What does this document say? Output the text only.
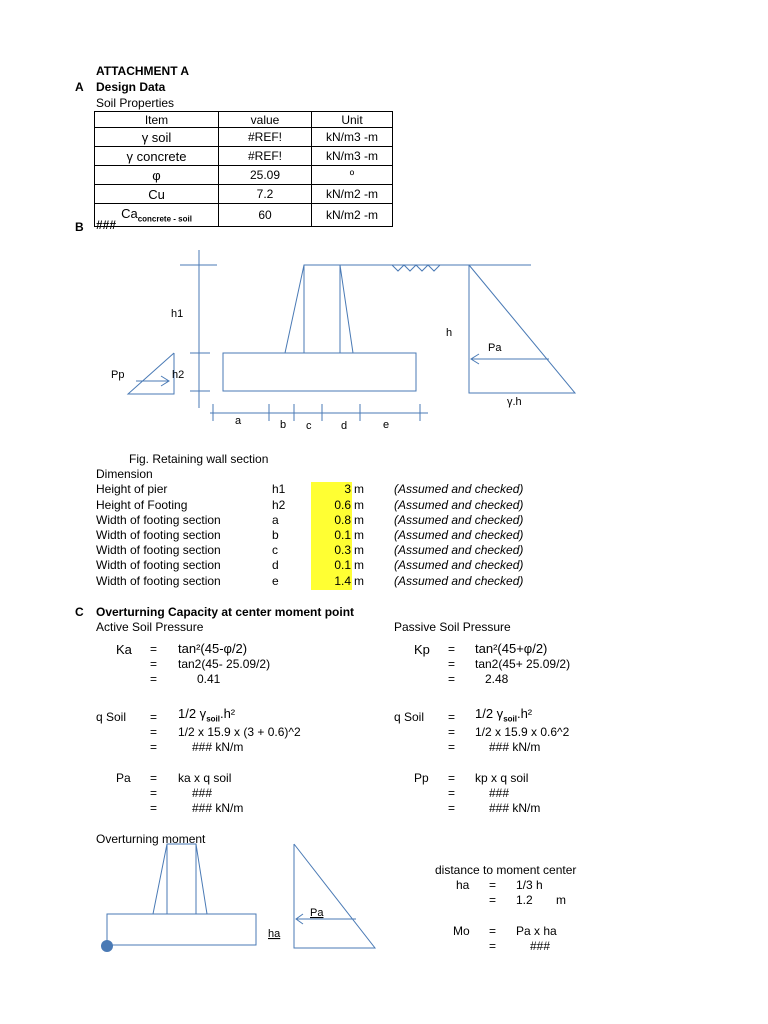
ATTACHMENT A
A Design Data
Soil Properties
Item	value	Unit
γ soil	#REF!	kN/m3 -m
γ concrete	#REF!	kN/m3 -m
φ	25.09	º
Cu	7.2	kN/m2 -m
$Ca_{concrete - soil}$	60	kN/m2 -m
B ###
h1
h2
Pp
h
Pa
γ.h
a	b c	d	e
Fig. Retaining wall section
Dimension
Height of pier	h1	3 m	(Assumed and checked)
Height of Footing	h2	0.6 m	(Assumed and checked)
Width of footing section	a	0.8 m	(Assumed and checked)
Width of footing section	b	0.1 m	(Assumed and checked)
Width of footing section	c	0.3 m	(Assumed and checked)
Width of footing section	d	0.1 m	(Assumed and checked)
Width of footing section	e	1.4 m	(Assumed and checked)
C Overturning Capacity at center moment point
Active Soil Pressure	Passive Soil Pressure
Ka = tan²(45-φ/2)
= tan2(45- 25.09/2)
=	0.41
Kp = tan²(45+φ/2)
= tan2(45+ 25.09/2)
= 2.48
q Soil = 1/2 $\gamma_{soil}.h^2$
= 1/2 x 15.9 x (3 + 0.6)^2
=	### kN/m
q Soil = 1/2 $\gamma_{soil}.h^2$
= 1/2 x 15.9 x 0.6^2
=	### kN/m
Pa = ka x q soil
=	###
=	### kN/m
Pp = kp x q soil
=	###
=	### kN/m
Overturning moment
Pa
ha
distance to moment center
ha = 1/3 h
= 1.2 m
Mo = Pa x ha
=	###
